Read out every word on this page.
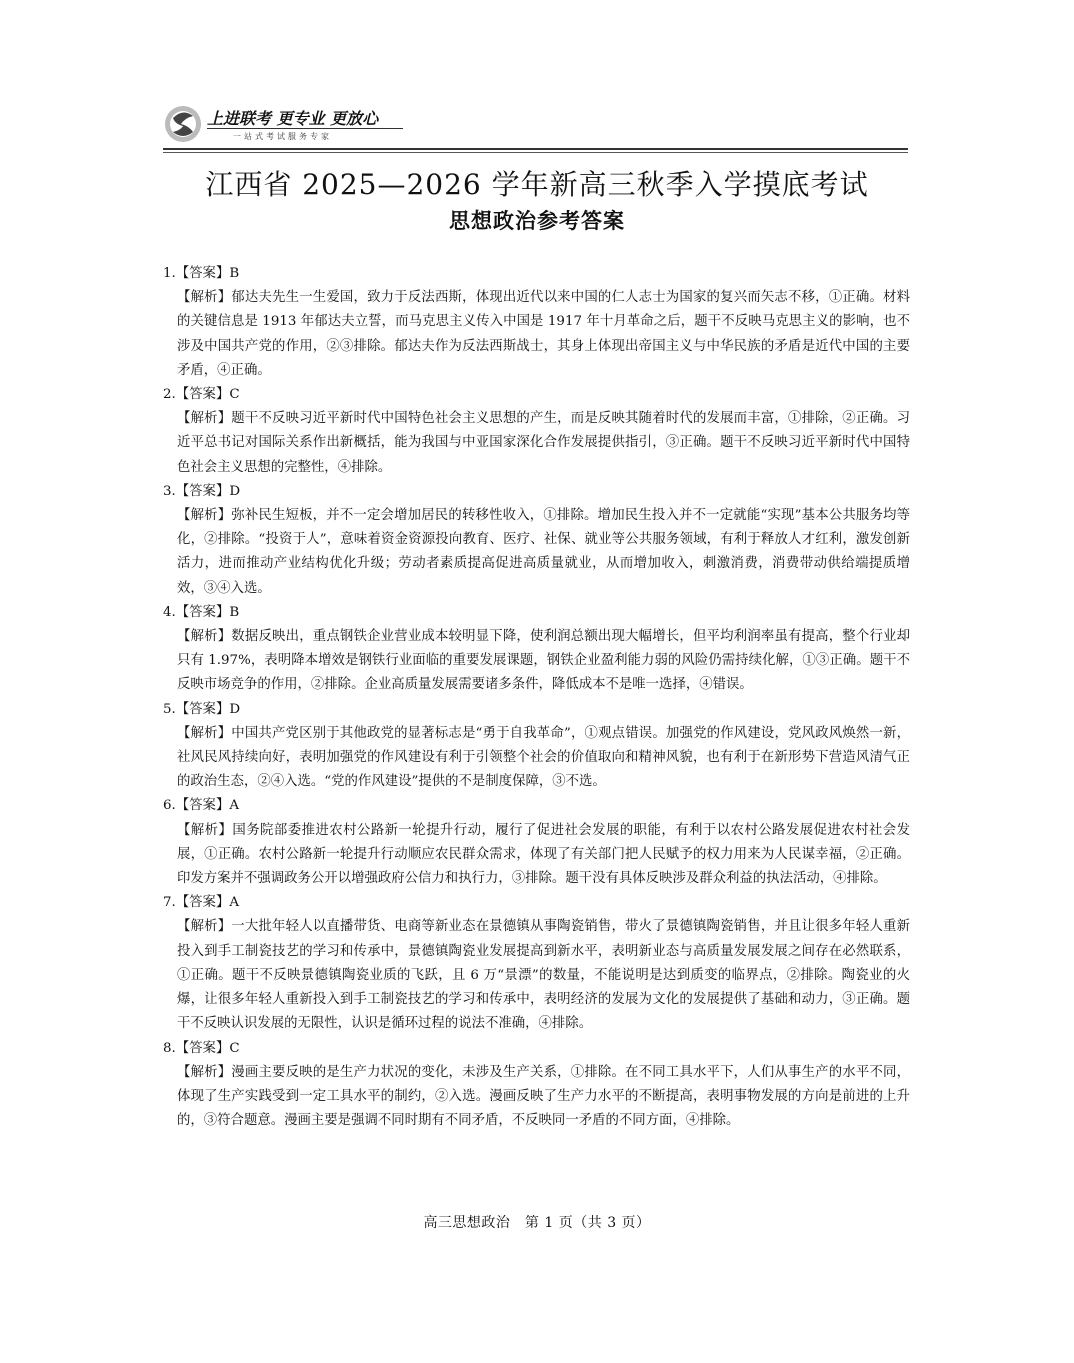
上进联考 更专业 更放心
一站式考试服务专家
江西省 2025—2026 学年新高三秋季入学摸底考试
思想政治参考答案

1.【答案】B

【解析】郁达夫先生一生爱国，致力于反法西斯，体现出近代以来中国的仁人志士为国家的复兴而矢志不移，①正确。材料的关键信息是 1913 年郁达夫立誓，而马克思主义传入中国是 1917 年十月革命之后，题干不反映马克思主义的影响，也不涉及中国共产党的作用，②③排除。郁达夫作为反法西斯战士，其身上体现出帝国主义与中华民族的矛盾是近代中国的主要矛盾，④正确。

2.【答案】C

【解析】题干不反映习近平新时代中国特色社会主义思想的产生，而是反映其随着时代的发展而丰富，①排除，②正确。习近平总书记对国际关系作出新概括，能为我国与中亚国家深化合作发展提供指引，③正确。题干不反映习近平新时代中国特色社会主义思想的完整性，④排除。

3.【答案】D

【解析】弥补民生短板，并不一定会增加居民的转移性收入，①排除。增加民生投入并不一定就能“实现”基本公共服务均等化，②排除。“投资于人”，意味着资金资源投向教育、医疗、社保、就业等公共服务领域，有利于释放人才红利，激发创新活力，进而推动产业结构优化升级；劳动者素质提高促进高质量就业，从而增加收入，刺激消费，消费带动供给端提质增效，③④入选。

4.【答案】B

【解析】数据反映出，重点钢铁企业营业成本较明显下降，使利润总额出现大幅增长，但平均利润率虽有提高，整个行业却只有 1.97%，表明降本增效是钢铁行业面临的重要发展课题，钢铁企业盈利能力弱的风险仍需持续化解，①③正确。题干不反映市场竞争的作用，②排除。企业高质量发展需要诸多条件，降低成本不是唯一选择，④错误。

5.【答案】D

【解析】中国共产党区别于其他政党的显著标志是“勇于自我革命”，①观点错误。加强党的作风建设，党风政风焕然一新，社风民风持续向好，表明加强党的作风建设有利于引领整个社会的价值取向和精神风貌，也有利于在新形势下营造风清气正的政治生态，②④入选。“党的作风建设”提供的不是制度保障，③不选。

6.【答案】A

【解析】国务院部委推进农村公路新一轮提升行动，履行了促进社会发展的职能，有利于以农村公路发展促进农村社会发展，①正确。农村公路新一轮提升行动顺应农民群众需求，体现了有关部门把人民赋予的权力用来为人民谋幸福，②正确。印发方案并不强调政务公开以增强政府公信力和执行力，③排除。题干没有具体反映涉及群众利益的执法活动，④排除。

7.【答案】A

【解析】一大批年轻人以直播带货、电商等新业态在景德镇从事陶瓷销售，带火了景德镇陶瓷销售，并且让很多年轻人重新投入到手工制瓷技艺的学习和传承中，景德镇陶瓷业发展提高到新水平，表明新业态与高质量发展发展之间存在必然联系，①正确。题干不反映景德镇陶瓷业质的飞跃，且 6 万“景漂”的数量，不能说明是达到质变的临界点，②排除。陶瓷业的火爆，让很多年轻人重新投入到手工制瓷技艺的学习和传承中，表明经济的发展为文化的发展提供了基础和动力，③正确。题干不反映认识发展的无限性，认识是循环过程的说法不准确，④排除。

8.【答案】C

【解析】漫画主要反映的是生产力状况的变化，未涉及生产关系，①排除。在不同工具水平下，人们从事生产的水平不同，体现了生产实践受到一定工具水平的制约，②入选。漫画反映了生产力水平的不断提高，表明事物发展的方向是前进的上升的，③符合题意。漫画主要是强调不同时期有不同矛盾，不反映同一矛盾的不同方面，④排除。

高三思想政治　第 1 页（共 3 页）
